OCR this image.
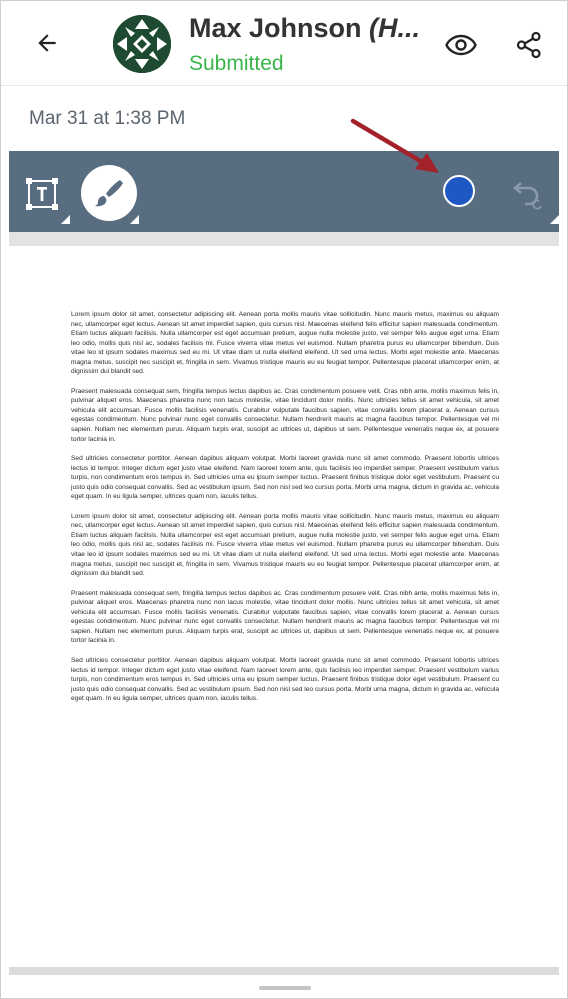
Max Johnson (H...
Submitted
Mar 31 at 1:38 PM

Lorem ipsum dolor sit amet, consectetur adipiscing elit. Aenean porta mollis mauris vitae sollicitudin. Nunc mauris metus, maximus eu aliquam nec, ullamcorper eget lectus. Aenean sit amet imperdiet sapien, quis cursus nisl. Maecenas eleifend felis efficitur sapien malesuada condimentum. Etiam luctus aliquam facilisis. Nulla ullamcorper est eget accumsan pretium, augue nulla molestie justo, vel semper felis augue eget urna. Etiam leo odio, mollis quis nisl ac, sodales facilisis mi. Fusce viverra vitae metus vel euismod. Nullam pharetra purus eu ullamcorper bibendum. Duis vitae leo id ipsum sodales maximus sed eu mi. Ut vitae diam ut nulla eleifend eleifend. Ut sed urna lectus. Morbi eget molestie ante. Maecenas magna metus, suscipit nec suscipit et, fringilla in sem. Vivamus tristique mauris eu eu feugiat tempor. Pellentesque placerat ullamcorper enim, at dignissim dui blandit sed.

Praesent malesuada consequat sem, fringilla tempus lectus dapibus ac. Cras condimentum posuere velit. Cras nibh ante, mollis maximus felis in, pulvinar aliquet eros. Maecenas pharetra nunc non lacus molestie, vitae tincidunt dolor mollis. Nunc ultricies tellus sit amet vehicula, sit amet vehicula elit accumsan. Fusce mollis facilisis venenatis. Curabitur vulputate faucibus sapien, vitae convallis lorem placerat a. Aenean cursus egestas condimentum. Nunc pulvinar nunc eget convallis consectetur. Nullam hendrerit mauris ac magna faucibus tempor. Pellentesque vel mi sapien. Nullam nec elementum purus. Aliquam turpis erat, suscipit ac ultrices ut, dapibus ut sem. Pellentesque venenatis neque ex, at posuere tortor lacinia in.

Sed ultricies consectetur porttitor. Aenean dapibus aliquam volutpat. Morbi laoreet gravida nunc sit amet commodo. Praesent lobortis ultrices lectus id tempor. Integer dictum eget justo vitae eleifend. Nam laoreet lorem ante, quis facilisis leo imperdiet semper. Praesent vestibulum varius turpis, non condimentum eros tempus in. Sed ultricies urna eu ipsum semper luctus. Praesent finibus tristique dolor eget vestibulum. Praesent cu justo quis odio consequat convallis. Sed ac vestibulum ipsum. Sed non nisl sed leo cursus porta. Morbi urna magna, dictum in gravida ac, vehicula eget quam. In eu ligula semper, ultrices quam non, iaculis tellus.

Lorem ipsum dolor sit amet, consectetur adipiscing elit. Aenean porta mollis mauris vitae sollicitudin. Nunc mauris metus, maximus eu aliquam nec, ullamcorper eget lectus. Aenean sit amet imperdiet sapien, quis cursus nisl. Maecenas eleifend felis efficitur sapien malesuada condimentum. Etiam luctus aliquam facilisis. Nulla ullamcorper est eget accumsan pretium, augue nulla molestie justo, vel semper felis augue eget urna. Etiam leo odio, mollis quis nisl ac, sodales facilisis mi. Fusce viverra vitae metus vel euismod. Nullam pharetra purus eu ullamcorper bibendum. Duis vitae leo id ipsum sodales maximus sed eu mi. Ut vitae diam ut nulla eleifend eleifend. Ut sed urna lectus. Morbi eget molestie ante. Maecenas magna metus, suscipit nec suscipit et, fringilla in sem. Vivamus tristique mauris eu eu feugiat tempor. Pellentesque placerat ullamcorper enim, at dignissim dui blandit sed.

Praesent malesuada consequat sem, fringilla tempus lectus dapibus ac. Cras condimentum posuere velit. Cras nibh ante, mollis maximus felis in, pulvinar aliquet eros. Maecenas pharetra nunc non lacus molestie, vitae tincidunt dolor mollis. Nunc ultricies tellus sit amet vehicula, sit amet vehicula elit accumsan. Fusce mollis facilisis venenatis. Curabitur vulputate faucibus sapien, vitae convallis lorem placerat a. Aenean cursus egestas condimentum. Nunc pulvinar nunc eget convallis consectetur. Nullam hendrerit mauris ac magna faucibus tempor. Pellentesque vel mi sapien. Nullam nec elementum purus. Aliquam turpis erat, suscipit ac ultrices ut, dapibus ut sem. Pellentesque venenatis neque ex, at posuere tortor lacinia in.

Sed ultricies consectetur porttitor. Aenean dapibus aliquam volutpat. Morbi laoreet gravida nunc sit amet commodo. Praesent lobortis ultrices lectus id tempor. Integer dictum eget justo vitae eleifend. Nam laoreet lorem ante, quis facilisis leo imperdiet semper. Praesent vestibulum varius turpis, non condimentum eros tempus in. Sed ultricies urna eu ipsum semper luctus. Praesent finibus tristique dolor eget vestibulum. Praesent cu justo quis odio consequat convallis. Sed ac vestibulum ipsum. Sed non nisl sed leo cursus porta. Morbi urna magna, dictum in gravida ac, vehicula eget quam. In eu ligula semper, ultrices quam non, iaculis tellus.
